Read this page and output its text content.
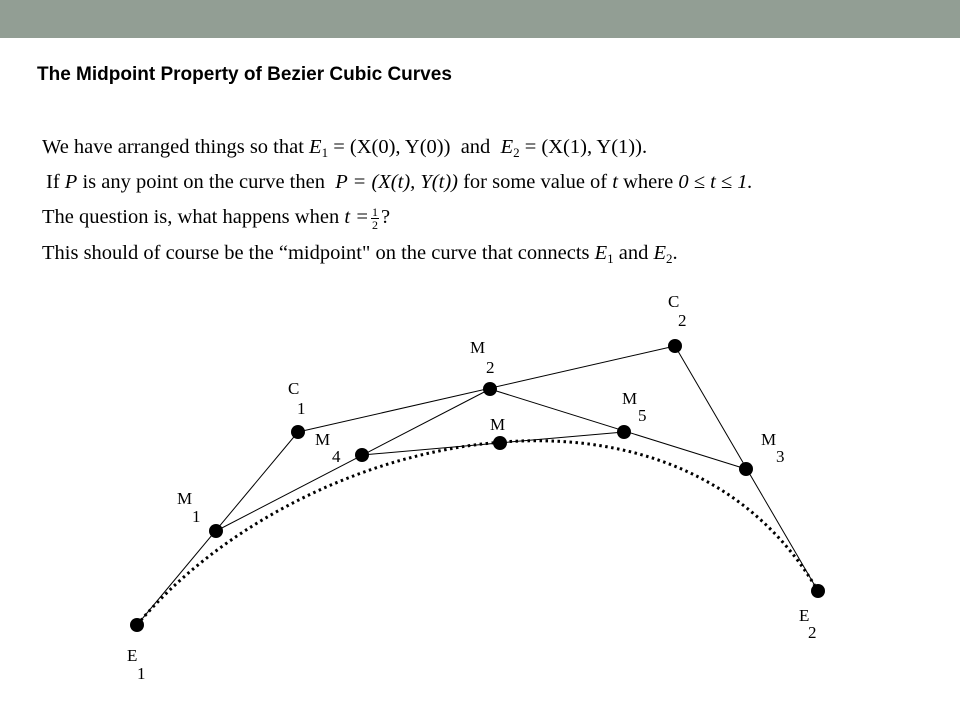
The Midpoint Property of Bezier Cubic Curves
We have arranged things so that $E_1 = (X(0)$, Y(0)) and $E_2 = (X(1)$, Y(1)).
If P is any point on the curve then P = (X(t), Y(t)) for some value of t where 0 ≤ t ≤ 1.
The question is, what happens when $t = \frac{1}{2}$ ?
This should of course be the “midpoint" on the curve that connects $E_1$ and $E_2$.
E
1
C
1
C
2
E
2
M
1
M
2
M
3
M
4
M
5
M
